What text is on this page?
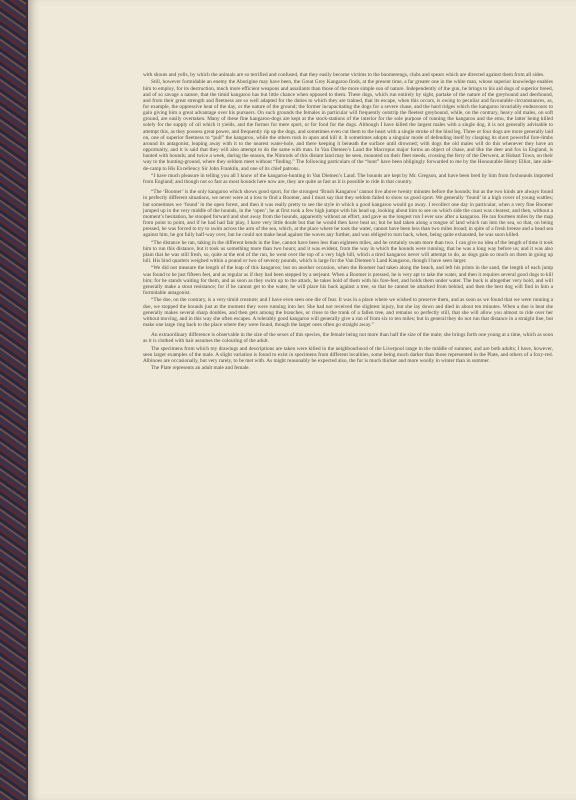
with shouts and yells, by which the animals are so terrified and confused, that they easily become victims to the boomerengs, clubs and spears which are directed against them from all sides.

Still, however formidable an enemy the Aborigine may have been, the Great Grey Kangaroo finds, at the present time, a far greater one in the white man, whose superior knowledge enables him to employ, for its destruction, much more efficient weapons and assailants than those of the more simple son of nature. Independently of the gun, he brings to his aid dogs of superior breed, and of so savage a nature, that the timid kangaroo has but little chance when opposed to them. These dogs, which run entirely by sight, partake of the nature of the greyhound and deerhound, and from their great strength and fleetness are so well adapted for the duties to which they are trained, that its escape, when this occurs, is owing to peculiar and favourable circumstances, as, for example, the oppressive heat of the day, or the nature of the ground; the former incapacitating the dogs for a severe chase, and the hard ridges which the kangaroo invariably endeavours to gain giving him a great advantage over his pursuers. On such grounds the females in particular will frequently outstrip the fleetest greyhound, while, on the contrary, heavy old males, on soft ground, are easily overtaken. Many of these fine kangaroo-dogs are kept at the stock-stations of the interior for the sole purpose of running the kangaroo and the emu, the latter being killed solely for the supply of oil which it yields, and the former for mere sport, or for food for the dogs. Although I have killed the largest males with a single dog, it is not generally advisable to attempt this, as they possess great power, and frequently rip up the dogs, and sometimes even cut them to the heart with a single stroke of the hind leg. Three or four dogs are more generally laid on, one of superior fleetness to “pull” the kangaroo, while the others rush in upon and kill it. It sometimes adopts a singular mode of defending itself by clasping its short powerful fore-limbs around its antagonist, leaping away with it to the nearest water-hole, and there keeping it beneath the surface until drowned; with dogs the old males will do this whenever they have an opportunity, and it is said that they will also attempt to do the same with man. In Van Diemen’s Land the Macropus major forms an object of chase, and like the deer and fox in England, is hunted with hounds; and twice a week, during the season, the Nimrods of this distant land may be seen, mounted on their fleet steeds, crossing the ferry of the Derwent, at Hobart Town, on their way to the hunting-ground, where they seldom meet without “finding.” The following particulars of the “hunt” have been obligingly forwarded to me by the Honourable Henry Elliot, late aide-de-camp to His Excellency Sir John Franklin, and one of its chief patrons.

“I have much pleasure in telling you all I know of the kangaroo-hunting in Van Diemen’s Land. The hounds are kept by Mr. Gregson, and have been bred by him from foxhounds imported from England; and though not so fast as most hounds here now are, they are quite as fast as it is possible to ride in that country.

“The ‘Boomer’ is the only kangaroo which shows good sport, for the strongest ‘Brush Kangaroo’ cannot live above twenty minutes before the hounds; but as the two kinds are always found in perfectly different situations, we never were at a loss to find a Boomer, and I must say that they seldom failed to show us good sport. We generally ‘found’ in a high cover of young wattles; but sometimes we ‘found’ in the open forest, and then it was really pretty to see the style in which a good kangaroo would go away. I recollect one day in particular, when a very fine Boomer jumped up in the very middle of the hounds, in the ‘open’; he at first took a few high jumps with his head up, looking about him to see on which side the coast was clearest, and then, without a moment’s hesitation, he stooped forward and shot away from the hounds, apparently without an effort, and gave us the longest run I ever saw after a kangaroo. He ran fourteen miles by the map from point to point, and if he had had fair play, I have very little doubt but that he would then have beat us; but he had taken along a tongue of land which ran into the sea, so that, on being pressed, he was forced to try to swim across the arm of the sea, which, at the place where he took the water, cannot have been less than two miles broad; in spite of a fresh breeze and a head sea against him, he got fully half-way over, but he could not make head against the waves any further, and was obliged to turn back, when, being quite exhausted, he was soon killed.

“The distance he ran, taking in the different bends in the line, cannot have been less than eighteen miles, and he certainly swam more than two. I can give no idea of the length of time it took him to run this distance, but it took us something more than two hours; and it was evident, from the way in which the hounds were running, that he was a long way before us; and it was also plain that he was still fresh, so, quite at the end of the run, he went over the top of a very high hill, which a tired kangaroo never will attempt to do, as dogs gain so much on them in going up hill. His hind quarters weighed within a pound or two of seventy pounds, which is large for the Van Diemen’s Land Kangaroo, though I have seen larger.

“We did not measure the length of the leap of this kangaroo; but on another occasion, when the Boomer had taken along the beach, and left his prints in the sand, the length of each jump was found to be just fifteen feet, and as regular as if they had been stepped by a serjeant. When a Boomer is pressed, he is very apt to take the water, and then it requires several good dogs to kill him; for he stands waiting for them, and as soon as they swim up to the attack, he takes hold of them with his fore-feet, and holds them under water. The buck is altogether very bold, and will generally make a stout resistance; for if he cannot get to the water, he will place his back against a tree, so that he cannot be attacked from behind, and then the best dog will find in him a formidable antagonist.

“The doe, on the contrary, is a very timid creature; and I have even seen one die of fear. It was in a place where we wished to preserve them, and as soon as we found that we were running a doe, we stopped the hounds just at the moment they were running into her. She had not received the slightest injury, but she lay down and died in about ten minutes. When a doe is beat she generally makes several sharp doubles, and then gets among the branches, or close to the trunk of a fallen tree, and remains so perfectly still, that she will allow you almost to ride over her without moving, and in this way she often escapes. A tolerably good kangaroo will generally give a run of from six to ten miles; but in general they do not run that distance in a straight line, but make one large ring back to the place where they were found, though the larger ones often go straight away.”

An extraordinary difference is observable in the size of the sexes of this species, the female being not more than half the size of the male; she brings forth one young at a time, which as soon as it is clothed with hair assumes the colouring of the adult.

The specimens from which my drawings and descriptions are taken were killed in the neighbourhood of the Liverpool range in the middle of summer, and are both adults; I have, however, seen larger examples of the male. A slight variation is found to exist in specimens from different localities, some being much darker than those represented in the Plate, and others of a foxy-red. Albinoes are occasionally, but very rarely, to be met with. As might reasonably be expected also, the fur is much thicker and more woolly in winter than in summer.

The Plate represents an adult male and female.
